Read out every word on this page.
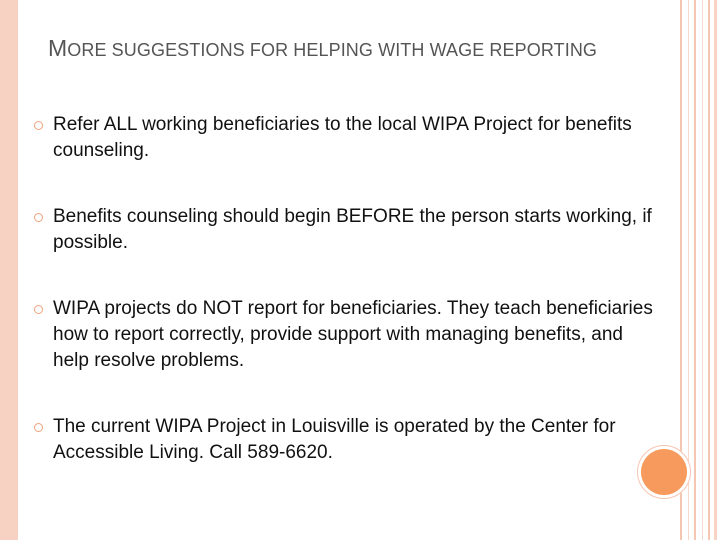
MORE SUGGESTIONS FOR HELPING WITH WAGE REPORTING
Refer ALL working beneficiaries to the local WIPA Project for benefits counseling.
Benefits counseling should begin BEFORE the person starts working, if possible.
WIPA projects do NOT report for beneficiaries. They teach beneficiaries how to report correctly, provide support with managing benefits, and help resolve problems.
The current WIPA Project in Louisville is operated by the Center for Accessible Living. Call 589-6620.
